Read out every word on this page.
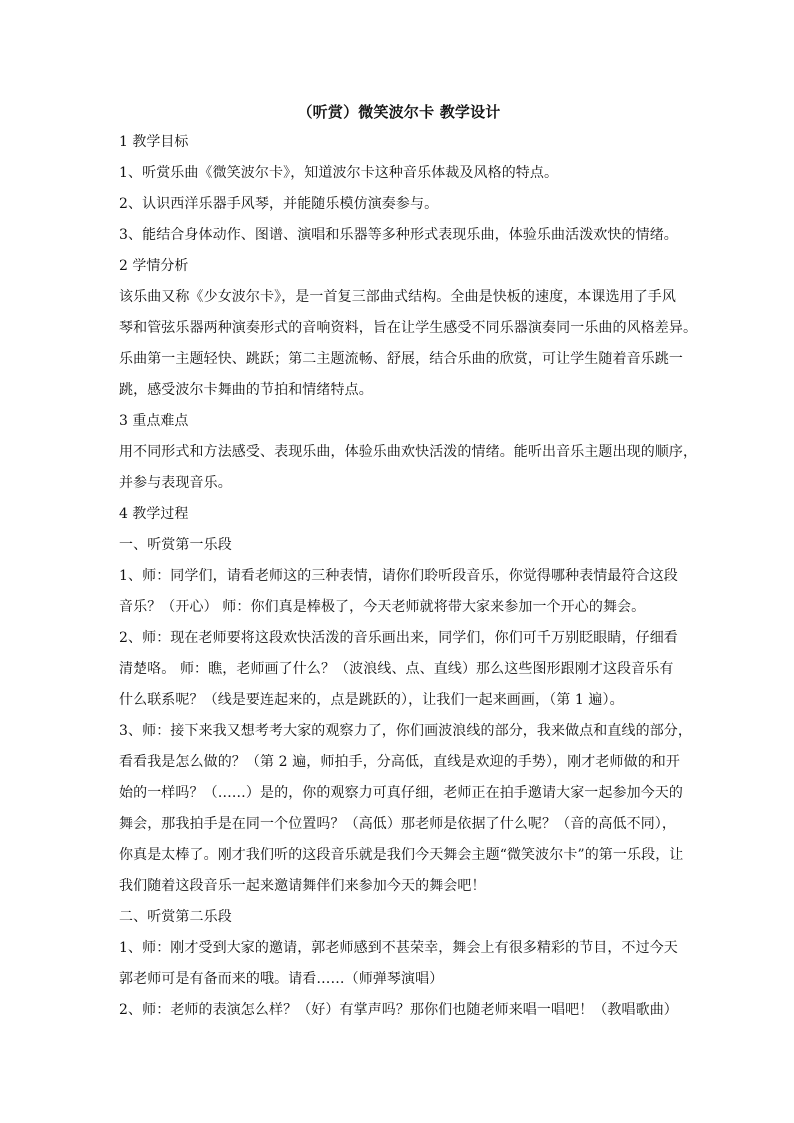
（听赏）微笑波尔卡 教学设计

1 教学目标

1、听赏乐曲《微笑波尔卡》，知道波尔卡这种音乐体裁及风格的特点。

2、认识西洋乐器手风琴，并能随乐模仿演奏参与。

3、能结合身体动作、图谱、演唱和乐器等多种形式表现乐曲，体验乐曲活泼欢快的情绪。

2 学情分析

该乐曲又称《少女波尔卡》，是一首复三部曲式结构。全曲是快板的速度，本课选用了手风

琴和管弦乐器两种演奏形式的音响资料，旨在让学生感受不同乐器演奏同一乐曲的风格差异。

乐曲第一主题轻快、跳跃；第二主题流畅、舒展，结合乐曲的欣赏，可让学生随着音乐跳一

跳，感受波尔卡舞曲的节拍和情绪特点。

3 重点难点

用不同形式和方法感受、表现乐曲，体验乐曲欢快活泼的情绪。能听出音乐主题出现的顺序，

并参与表现音乐。

4 教学过程

一、听赏第一乐段

1、师：同学们，请看老师这的三种表情，请你们聆听段音乐，你觉得哪种表情最符合这段

音乐？（开心） 师：你们真是棒极了，今天老师就将带大家来参加一个开心的舞会。

2、师：现在老师要将这段欢快活泼的音乐画出来，同学们，你们可千万别眨眼睛，仔细看

清楚咯。 师：瞧，老师画了什么？（波浪线、点、直线）那么这些图形跟刚才这段音乐有

什么联系呢？（线是要连起来的，点是跳跃的），让我们一起来画画，（第 1 遍）。

3、师：接下来我又想考考大家的观察力了，你们画波浪线的部分，我来做点和直线的部分，

看看我是怎么做的？（第 2 遍，师拍手，分高低，直线是欢迎的手势），刚才老师做的和开

始的一样吗？（……）是的，你的观察力可真仔细，老师正在拍手邀请大家一起参加今天的

舞会，那我拍手是在同一个位置吗？（高低）那老师是依据了什么呢？（音的高低不同），

你真是太棒了。刚才我们听的这段音乐就是我们今天舞会主题“微笑波尔卡”的第一乐段，让

我们随着这段音乐一起来邀请舞伴们来参加今天的舞会吧！

二、听赏第二乐段

1、师：刚才受到大家的邀请，郭老师感到不甚荣幸，舞会上有很多精彩的节目，不过今天

郭老师可是有备而来的哦。请看……（师弹琴演唱）

2、师：老师的表演怎么样？（好）有掌声吗？那你们也随老师来唱一唱吧！（教唱歌曲）
